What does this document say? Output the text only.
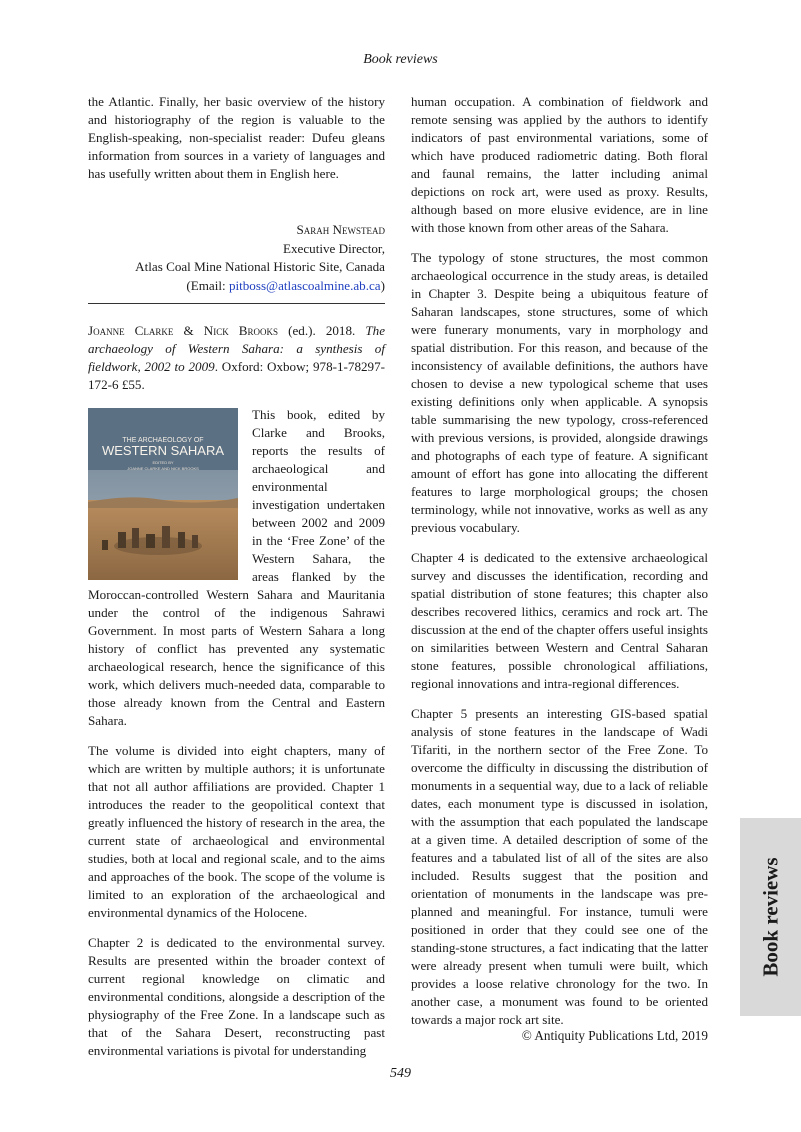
Book reviews

the Atlantic. Finally, her basic overview of the history and historiography of the region is valuable to the English-speaking, non-specialist reader: Dufeu gleans information from sources in a variety of languages and has usefully written about them in English here.

Sarah Newstead
Executive Director,
Atlas Coal Mine National Historic Site, Canada
(Email: pitboss@atlascoalmine.ab.ca)

Joanne Clarke & Nick Brooks (ed.). 2018. The archaeology of Western Sahara: a synthesis of fieldwork, 2002 to 2009. Oxford: Oxbow; 978-1-78297-172-6 £55.

THE ARCHAEOLOGY OF
WESTERN SAHARA
EDITED BY
JOANNE CLARKE AND NICK BROOKS

This book, edited by Clarke and Brooks, reports the results of archaeological and environmental investigation undertaken between 2002 and 2009 in the ‘Free Zone’ of the Western Sahara, the areas flanked by the Moroccan-controlled Western Sahara and Mauritania under the control of the indigenous Sahrawi Government. In most parts of Western Sahara a long history of conflict has prevented any systematic archaeological research, hence the significance of this work, which delivers much-needed data, comparable to those already known from the Central and Eastern Sahara.

The volume is divided into eight chapters, many of which are written by multiple authors; it is unfortunate that not all author affiliations are provided. Chapter 1 introduces the reader to the geopolitical context that greatly influenced the history of research in the area, the current state of archaeological and environmental studies, both at local and regional scale, and to the aims and approaches of the book. The scope of the volume is limited to an exploration of the archaeological and environmental dynamics of the Holocene.

Chapter 2 is dedicated to the environmental survey. Results are presented within the broader context of current regional knowledge on climatic and environmental conditions, alongside a description of the physiography of the Free Zone. In a landscape such as that of the Sahara Desert, reconstructing past environmental variations is pivotal for understanding

human occupation. A combination of fieldwork and remote sensing was applied by the authors to identify indicators of past environmental variations, some of which have produced radiometric dating. Both floral and faunal remains, the latter including animal depictions on rock art, were used as proxy. Results, although based on more elusive evidence, are in line with those known from other areas of the Sahara.

The typology of stone structures, the most common archaeological occurrence in the study areas, is detailed in Chapter 3. Despite being a ubiquitous feature of Saharan landscapes, stone structures, some of which were funerary monuments, vary in morphology and spatial distribution. For this reason, and because of the inconsistency of available definitions, the authors have chosen to devise a new typological scheme that uses existing definitions only when applicable. A synopsis table summarising the new typology, cross-referenced with previous versions, is provided, alongside drawings and photographs of each type of feature. A significant amount of effort has gone into allocating the different features to large morphological groups; the chosen terminology, while not innovative, works as well as any previous vocabulary.

Chapter 4 is dedicated to the extensive archaeological survey and discusses the identification, recording and spatial distribution of stone features; this chapter also describes recovered lithics, ceramics and rock art. The discussion at the end of the chapter offers useful insights on similarities between Western and Central Saharan stone features, possible chronological affiliations, regional innovations and intra-regional differences.

Chapter 5 presents an interesting GIS-based spatial analysis of stone features in the landscape of Wadi Tifariti, in the northern sector of the Free Zone. To overcome the difficulty in discussing the distribution of monuments in a sequential way, due to a lack of reliable dates, each monument type is discussed in isolation, with the assumption that each populated the landscape at a given time. A detailed description of some of the features and a tabulated list of all of the sites are also included. Results suggest that the position and orientation of monuments in the landscape was pre-planned and meaningful. For instance, tumuli were positioned in order that they could see one of the standing-stone structures, a fact indicating that the latter were already present when tumuli were built, which provides a loose relative chronology for the two. In another case, a monument was found to be oriented towards a major rock art site.

© Antiquity Publications Ltd, 2019
549
Book reviews
